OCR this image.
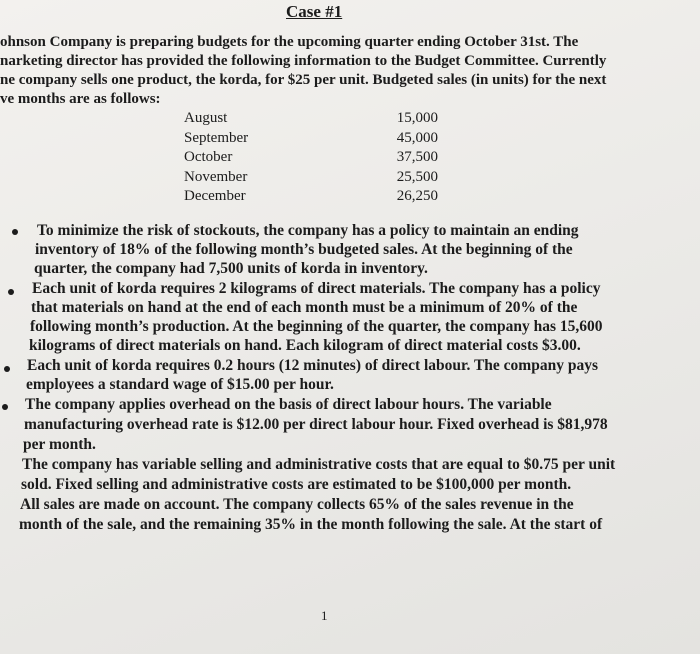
Case #1
ohnson Company is preparing budgets for the upcoming quarter ending October 31st. The
narketing director has provided the following information to the Budget Committee. Currently
ne company sells one product, the korda, for $25 per unit. Budgeted sales (in units) for the next
ve months are as follows:
August	15,000
September	45,000
October	37,500
November	25,500
December	26,250
To minimize the risk of stockouts, the company has a policy to maintain an ending
inventory of 18% of the following month’s budgeted sales. At the beginning of the
quarter, the company had 7,500 units of korda in inventory.
Each unit of korda requires 2 kilograms of direct materials. The company has a policy
that materials on hand at the end of each month must be a minimum of 20% of the
following month’s production. At the beginning of the quarter, the company has 15,600
kilograms of direct materials on hand. Each kilogram of direct material costs $3.00.
Each unit of korda requires 0.2 hours (12 minutes) of direct labour. The company pays
employees a standard wage of $15.00 per hour.
The company applies overhead on the basis of direct labour hours. The variable
manufacturing overhead rate is $12.00 per direct labour hour. Fixed overhead is $81,978
per month.
The company has variable selling and administrative costs that are equal to $0.75 per unit
sold. Fixed selling and administrative costs are estimated to be $100,000 per month.
All sales are made on account. The company collects 65% of the sales revenue in the
month of the sale, and the remaining 35% in the month following the sale. At the start of
1
